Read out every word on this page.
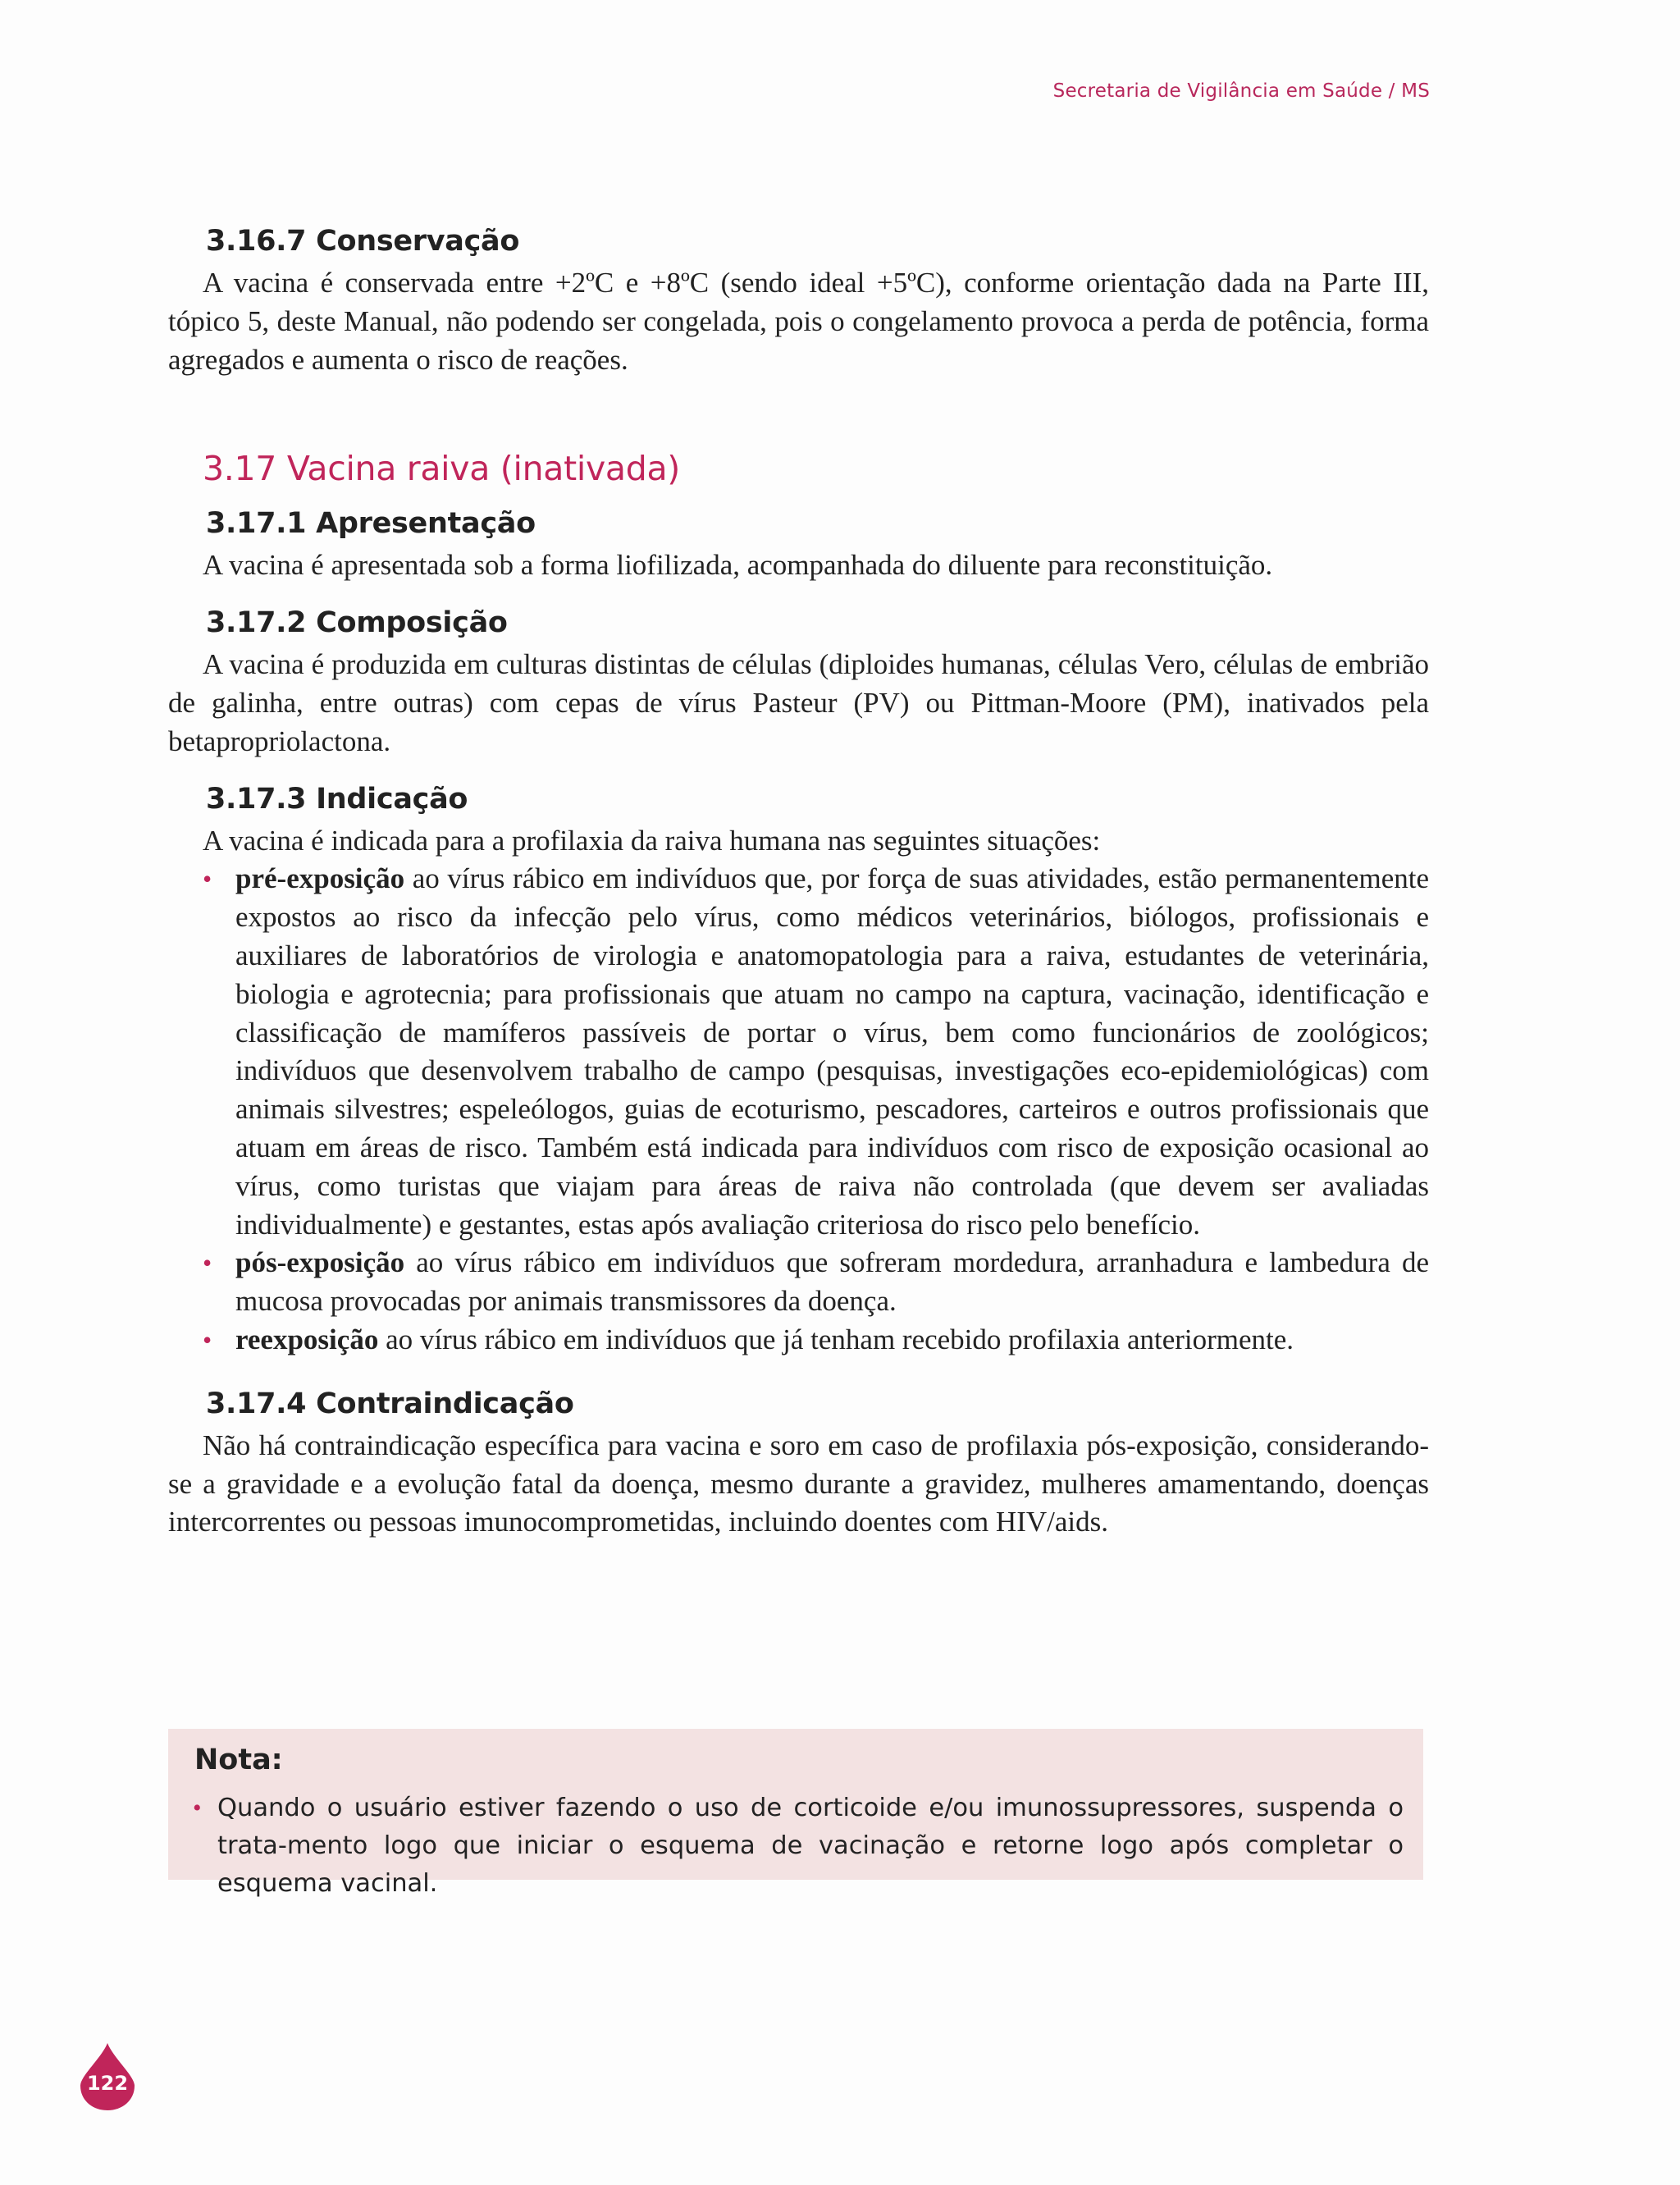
Secretaria de Vigilância em Saúde / MS
3.16.7 Conservação

A vacina é conservada entre +2ºC e +8ºC (sendo ideal +5ºC), conforme orientação dada na Parte III, tópico 5, deste Manual, não podendo ser congelada, pois o congelamento provoca a perda de potência, forma agregados e aumenta o risco de reações.

3.17 Vacina raiva (inativada)
3.17.1 Apresentação

A vacina é apresentada sob a forma liofilizada, acompanhada do diluente para reconstituição.

3.17.2 Composição

A vacina é produzida em culturas distintas de células (diploides humanas, células Vero, células de embrião de galinha, entre outras) com cepas de vírus Pasteur (PV) ou Pittman-Moore (PM), inativados pela betapropriolactona.

3.17.3 Indicação

A vacina é indicada para a profilaxia da raiva humana nas seguintes situações:

• pré-exposição ao vírus rábico em indivíduos que, por força de suas atividades, estão permanentemente expostos ao risco da infecção pelo vírus, como médicos veterinários, biólogos, profissionais e auxiliares de laboratórios de virologia e anatomopatologia para a raiva, estudantes de veterinária, biologia e agrotecnia; para profissionais que atuam no campo na captura, vacinação, identificação e classificação de mamíferos passíveis de portar o vírus, bem como funcionários de zoológicos; indivíduos que desenvolvem trabalho de campo (pesquisas, investigações eco-epidemiológicas) com animais silvestres; espeleólogos, guias de ecoturismo, pescadores, carteiros e outros profissionais que atuam em áreas de risco. Também está indicada para indivíduos com risco de exposição ocasional ao vírus, como turistas que viajam para áreas de raiva não controlada (que devem ser avaliadas individualmente) e gestantes, estas após avaliação criteriosa do risco pelo benefício.
• pós-exposição ao vírus rábico em indivíduos que sofreram mordedura, arranhadura e lambedura de mucosa provocadas por animais transmissores da doença.
• reexposição ao vírus rábico em indivíduos que já tenham recebido profilaxia anteriormente.
3.17.4 Contraindicação

Não há contraindicação específica para vacina e soro em caso de profilaxia pós-exposição, considerando-se a gravidade e a evolução fatal da doença, mesmo durante a gravidez, mulheres amamentando, doenças intercorrentes ou pessoas imunocomprometidas, incluindo doentes com HIV/aids.

Nota:
• Quando o usuário estiver fazendo o uso de corticoide e/ou imunossupressores, suspenda o trata-mento logo que iniciar o esquema de vacinação e retorne logo após completar o esquema vacinal.
122
